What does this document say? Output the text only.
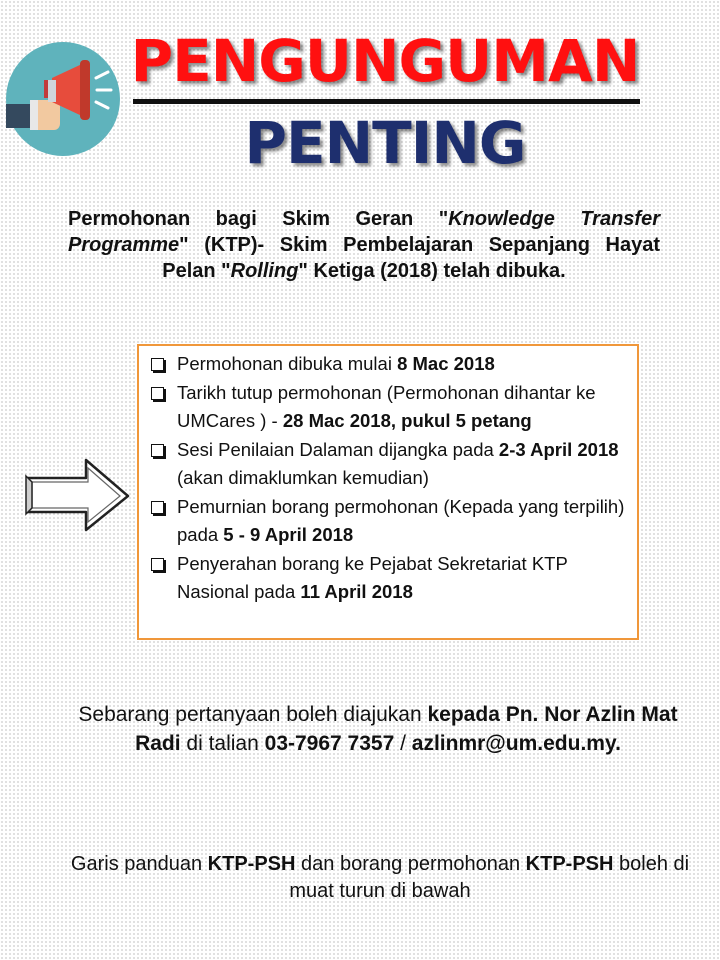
PENGUNGUMAN
PENTING
Permohonan bagi Skim Geran "Knowledge Transfer Programme" (KTP)- Skim Pembelajaran Sepanjang Hayat Pelan "Rolling" Ketiga (2018) telah dibuka.
Permohonan dibuka mulai 8 Mac 2018
Tarikh tutup permohonan (Permohonan dihantar ke UMCares ) - 28 Mac 2018, pukul 5 petang
Sesi Penilaian Dalaman dijangka pada 2-3 April 2018 (akan dimaklumkan kemudian)
Pemurnian borang permohonan (Kepada yang terpilih) pada 5 - 9 April 2018
Penyerahan borang ke Pejabat Sekretariat KTP Nasional pada 11 April 2018
Sebarang pertanyaan boleh diajukan kepada Pn. Nor Azlin Mat Radi di talian 03-7967 7357 / azlinmr@um.edu.my.
Garis panduan KTP-PSH dan borang permohonan KTP-PSH boleh di muat turun di bawah
